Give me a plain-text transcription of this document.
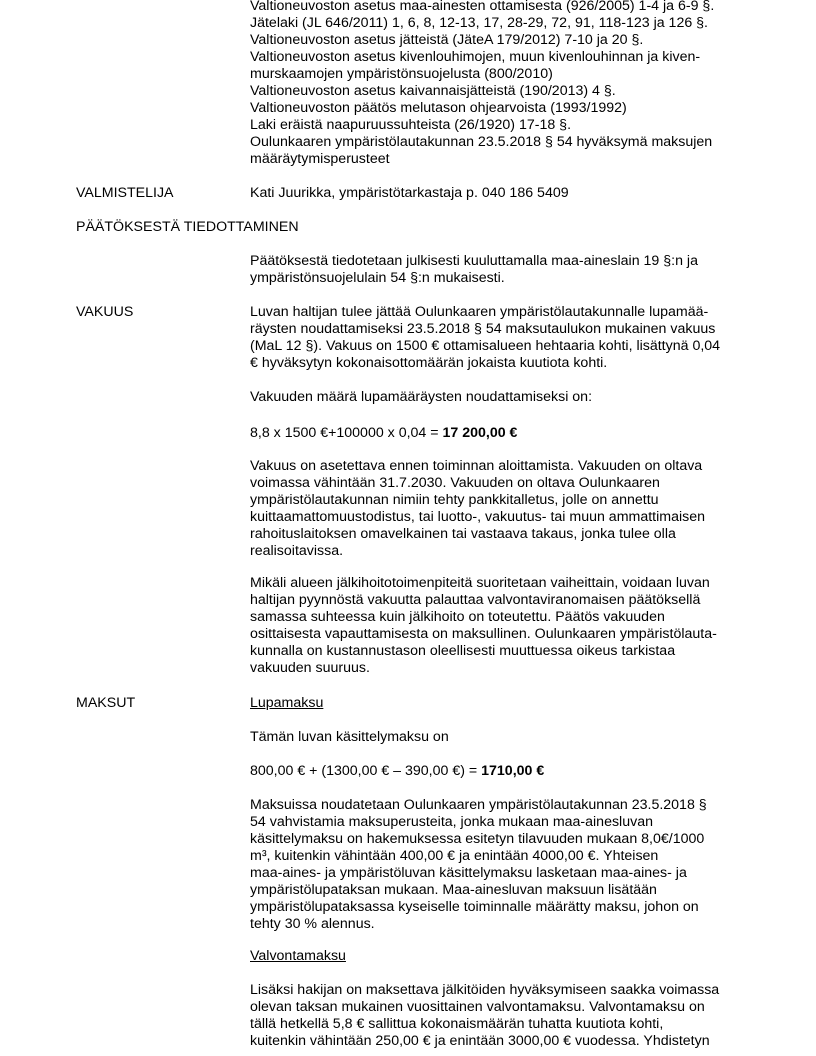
Valtioneuvoston asetus maa-ainesten ottamisesta (926/2005) 1-4 ja 6-9 §.
Jätelaki (JL 646/2011) 1, 6, 8, 12-13, 17, 28-29, 72, 91, 118-123 ja 126 §.
Valtioneuvoston asetus jätteistä (JäteA 179/2012) 7-10 ja 20 §.
Valtioneuvoston asetus kivenlouhimojen, muun kivenlouhinnan ja kiven-
murskaamojen ympäristönsuojelusta (800/2010)
Valtioneuvoston asetus kaivannaisjätteistä (190/2013) 4 §.
Valtioneuvoston päätös melutason ohjearvoista (1993/1992)
Laki eräistä naapuruussuhteista (26/1920) 17-18 §.
Oulunkaaren ympäristölautakunnan 23.5.2018 § 54 hyväksymä maksujen
määräytymisperusteet
VALMISTELIJA	Kati Juurikka, ympäristötarkastaja p. 040 186 5409
PÄÄTÖKSESTÄ TIEDOTTAMINEN
Päätöksestä tiedotetaan julkisesti kuuluttamalla maa-aineslain 19 §:n ja
ympäristönsuojelulain 54 §:n mukaisesti.
VAKUUS	Luvan haltijan tulee jättää Oulunkaaren ympäristölautakunnalle lupamää-
räysten noudattamiseksi 23.5.2018 § 54 maksutaulukon mukainen vakuus
(MaL 12 §). Vakuus on 1500 € ottamisalueen hehtaaria kohti, lisättynä 0,04
€ hyväksytyn kokonaisottomäärän jokaista kuutiota kohti.
Vakuuden määrä lupamääräysten noudattamiseksi on:
8,8 x 1500 €+100000 x 0,04 = 17 200,00 €
Vakuus on asetettava ennen toiminnan aloittamista. Vakuuden on oltava
voimassa vähintään 31.7.2030. Vakuuden on oltava Oulunkaaren
ympäristölautakunnan nimiin tehty pankkitalletus, jolle on annettu
kuittaamattomuustodistus, tai luotto-, vakuutus- tai muun ammattimaisen
rahoituslaitoksen omavelkainen tai vastaava takaus, jonka tulee olla
realisoitavissa.
Mikäli alueen jälkihoitotoimenpiteitä suoritetaan vaiheittain, voidaan luvan
haltijan pyynnöstä vakuutta palauttaa valvontaviranomaisen päätöksellä
samassa suhteessa kuin jälkihoito on toteutettu. Päätös vakuuden
osittaisesta vapauttamisesta on maksullinen. Oulunkaaren ympäristölauta-
kunnalla on kustannustason oleellisesti muuttuessa oikeus tarkistaa
vakuuden suuruus.
MAKSUT	Lupamaksu
Tämän luvan käsittelymaksu on
800,00 € + (1300,00 € – 390,00 €) = 1710,00 €
Maksuissa noudatetaan Oulunkaaren ympäristölautakunnan 23.5.2018 §
54 vahvistamia maksuperusteita, jonka mukaan maa-ainesluvan
käsittelymaksu on hakemuksessa esitetyn tilavuuden mukaan 8,0€/1000
m³, kuitenkin vähintään 400,00 € ja enintään 4000,00 €. Yhteisen
maa-aines- ja ympäristöluvan käsittelymaksu lasketaan maa-aines- ja
ympäristölupataksan mukaan. Maa-ainesluvan maksuun lisätään
ympäristölupataksassa kyseiselle toiminnalle määrätty maksu, johon on
tehty 30 % alennus.
Valvontamaksu
Lisäksi hakijan on maksettava jälkitöiden hyväksymiseen saakka voimassa
olevan taksan mukainen vuosittainen valvontamaksu. Valvontamaksu on
tällä hetkellä 5,8 € sallittua kokonaismäärän tuhatta kuutiota kohti,
kuitenkin vähintään 250,00 € ja enintään 3000,00 € vuodessa. Yhdistetyn
